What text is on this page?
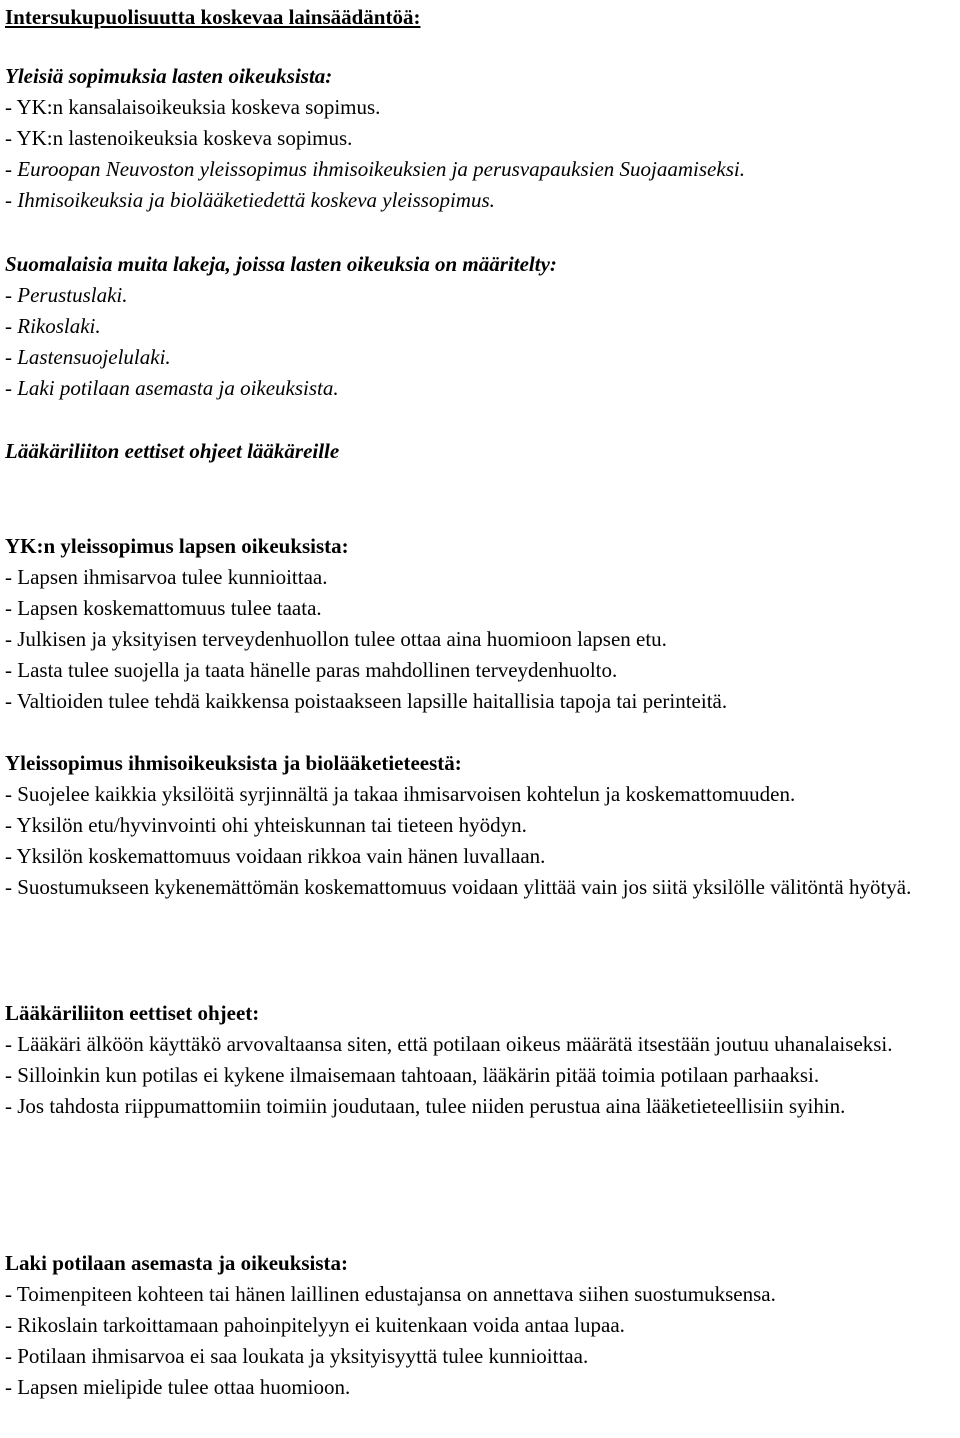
Intersukupuolisuutta koskevaa lainsäädäntöä:
Yleisiä sopimuksia lasten oikeuksista:
- YK:n kansalaisoikeuksia koskeva sopimus.
- YK:n lastenoikeuksia koskeva sopimus.
- Euroopan Neuvoston yleissopimus ihmisoikeuksien ja perusvapauksien Suojaamiseksi.
- Ihmisoikeuksia ja biolääketiedettä koskeva yleissopimus.
Suomalaisia muita lakeja, joissa lasten oikeuksia on määritelty:
- Perustuslaki.
- Rikoslaki.
- Lastensuojelulaki.
- Laki potilaan asemasta ja oikeuksista.
Lääkäriliiton eettiset ohjeet lääkäreille
YK:n yleissopimus lapsen oikeuksista:
- Lapsen ihmisarvoa tulee kunnioittaa.
- Lapsen koskemattomuus tulee taata.
- Julkisen ja yksityisen terveydenhuollon tulee ottaa aina huomioon lapsen etu.
- Lasta tulee suojella ja taata hänelle paras mahdollinen terveydenhuolto.
- Valtioiden tulee tehdä kaikkensa poistaakseen lapsille haitallisia tapoja tai perinteitä.
Yleissopimus ihmisoikeuksista ja biolääketieteestä:
- Suojelee kaikkia yksilöitä syrjinnältä ja takaa ihmisarvoisen kohtelun ja koskemattomuuden.
- Yksilön etu/hyvinvointi ohi yhteiskunnan tai tieteen hyödyn.
- Yksilön koskemattomuus voidaan rikkoa vain hänen luvallaan.
- Suostumukseen kykenemättömän koskemattomuus voidaan ylittää vain jos siitä yksilölle välitöntä hyötyä.
Lääkäriliiton eettiset ohjeet:
- Lääkäri älköön käyttäkö arvovaltaansa siten, että potilaan oikeus määrätä itsestään joutuu uhanalaiseksi.
- Silloinkin kun potilas ei kykene ilmaisemaan tahtoaan, lääkärin pitää toimia potilaan parhaaksi.
- Jos tahdosta riippumattomiin toimiin joudutaan, tulee niiden perustua aina lääketieteellisiin syihin.
Laki potilaan asemasta ja oikeuksista:
- Toimenpiteen kohteen tai hänen laillinen edustajansa on annettava siihen suostumuksensa.
- Rikoslain tarkoittamaan pahoinpitelyyn ei kuitenkaan voida antaa lupaa.
- Potilaan ihmisarvoa ei saa loukata ja yksityisyyttä tulee kunnioittaa.
- Lapsen mielipide tulee ottaa huomioon.
